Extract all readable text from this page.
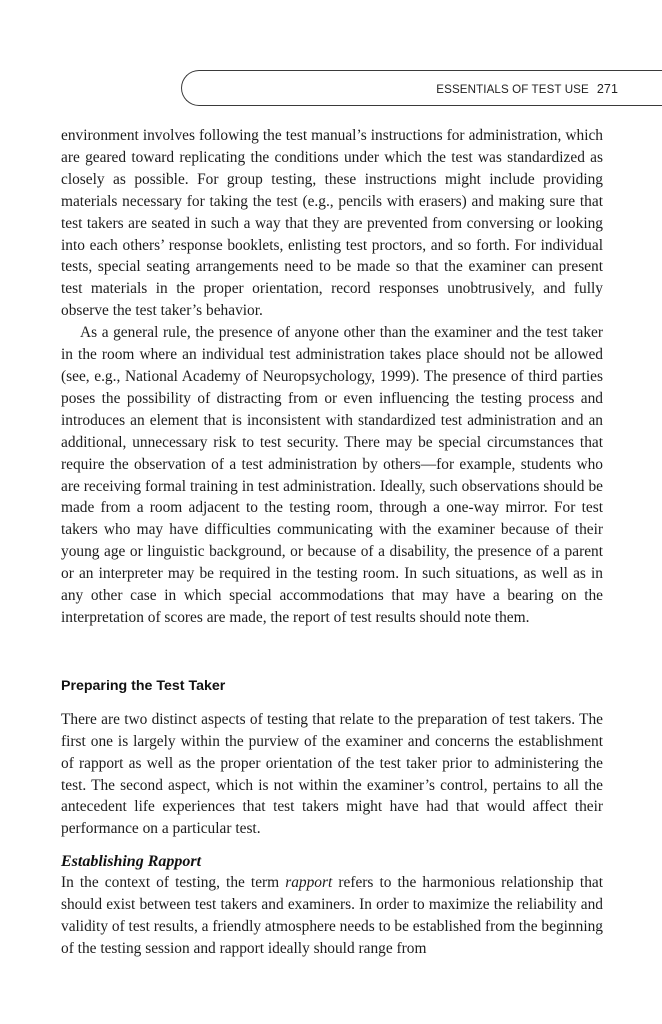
ESSENTIALS OF TEST USE 271

environment involves following the test manual’s instructions for administration, which are geared toward replicating the conditions under which the test was standardized as closely as possible. For group testing, these instructions might include providing materials necessary for taking the test (e.g., pencils with erasers) and making sure that test takers are seated in such a way that they are prevented from conversing or looking into each others’ response booklets, enlisting test proctors, and so forth. For individual tests, special seating arrangements need to be made so that the examiner can present test materials in the proper orientation, record responses unobtrusively, and fully observe the test taker’s behavior.

As a general rule, the presence of anyone other than the examiner and the test taker in the room where an individual test administration takes place should not be allowed (see, e.g., National Academy of Neuropsychology, 1999). The presence of third parties poses the possibility of distracting from or even influencing the testing process and introduces an element that is inconsistent with standardized test administration and an additional, unnecessary risk to test security. There may be special circumstances that require the observation of a test administration by others—for example, students who are receiving formal training in test administration. Ideally, such observations should be made from a room adjacent to the testing room, through a one-way mirror. For test takers who may have difficulties communicating with the examiner because of their young age or linguistic background, or because of a disability, the presence of a parent or an interpreter may be required in the testing room. In such situations, as well as in any other case in which special accommodations that may have a bearing on the interpretation of scores are made, the report of test results should note them.

Preparing the Test Taker

There are two distinct aspects of testing that relate to the preparation of test takers. The first one is largely within the purview of the examiner and concerns the establishment of rapport as well as the proper orientation of the test taker prior to administering the test. The second aspect, which is not within the examiner’s control, pertains to all the antecedent life experiences that test takers might have had that would affect their performance on a particular test.

Establishing Rapport

In the context of testing, the term rapport refers to the harmonious relationship that should exist between test takers and examiners. In order to maximize the reliability and validity of test results, a friendly atmosphere needs to be established from the beginning of the testing session and rapport ideally should range from
